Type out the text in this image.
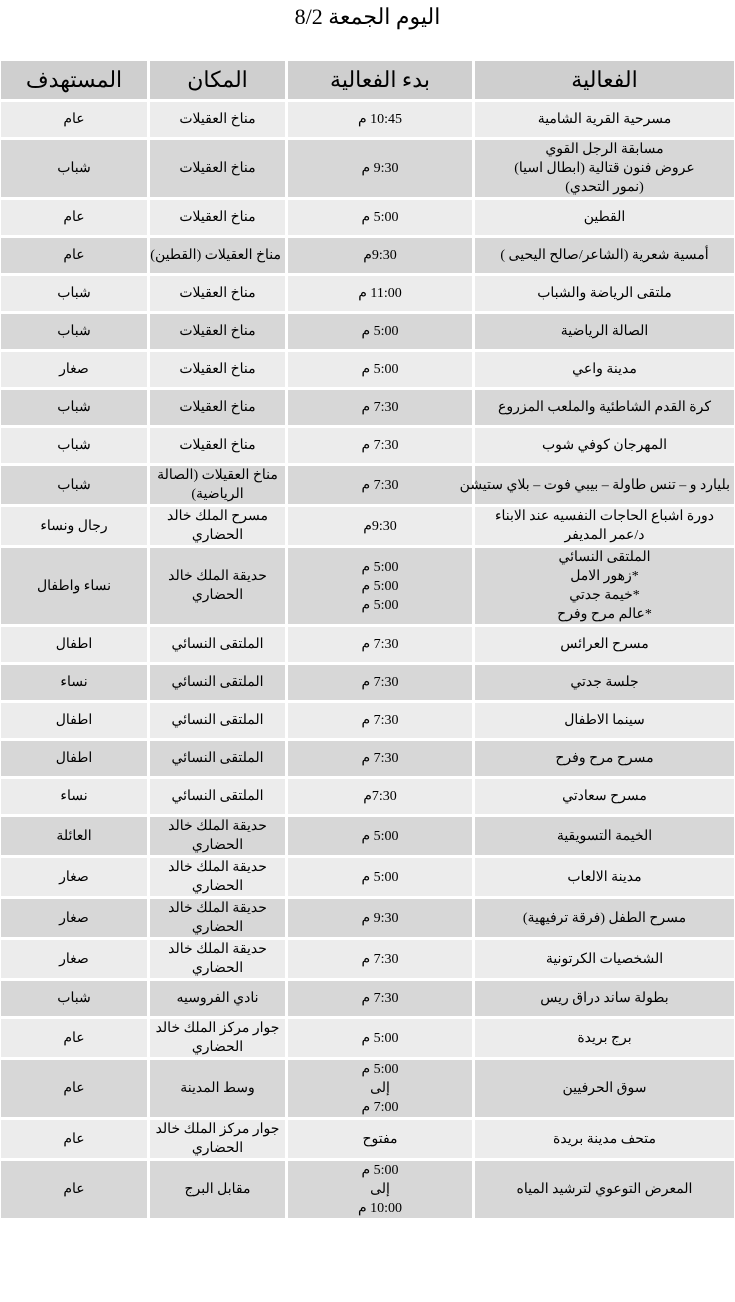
اليوم الجمعة 8/2
الفعالية	بدء الفعالية	المكان	المستهدف

مسرحية القرية الشامية	10:45 م	مناخ العقيلات	عام

مسابقة الرجل القوي
عروض فنون قتالية (ابطال اسيا)
(نمور التحدي)	9:30 م	مناخ العقيلات	شباب

القطين	5:00 م	مناخ العقيلات	عام

أمسية شعرية (الشاعر/صالح اليحيى )	9:30م	مناخ العقيلات (القطين)	عام

ملتقى الرياضة والشباب	11:00 م	مناخ العقيلات	شباب

الصالة الرياضية	5:00 م	مناخ العقيلات	شباب

مدينة واعي	5:00 م	مناخ العقيلات	صغار

كرة القدم الشاطئية والملعب المزروع	7:30 م	مناخ العقيلات	شباب

المهرجان كوفي شوب	7:30 م	مناخ العقيلات	شباب

بليارد و – تنس طاولة – بيبي فوت – بلاي ستيشن	7:30 م	مناخ العقيلات (الصالة
الرياضية)	شباب

دورة اشباع الحاجات النفسيه عند الابناء
د/عمر المديفر	9:30م	مسرح الملك خالد
الحضاري	رجال ونساء

الملتقى النسائي
*زهور الامل
*خيمة جدتي
*عالم مرح وفرح	5:00 م
5:00 م
5:00 م	حديقة الملك خالد
الحضاري	نساء واطفال

مسرح العرائس	7:30 م	الملتقى النسائي	اطفال

جلسة جدتي	7:30 م	الملتقى النسائي	نساء

سينما الاطفال	7:30 م	الملتقى النسائي	اطفال

مسرح مرح وفرح	7:30 م	الملتقى النسائي	اطفال

مسرح سعادتي	7:30م	الملتقى النسائي	نساء

الخيمة التسويقية	5:00 م	حديقة الملك خالد
الحضاري	العائلة

مدينة الالعاب	5:00 م	حديقة الملك خالد
الحضاري	صغار

مسرح الطفل (فرقة ترفيهية)	9:30 م	حديقة الملك خالد
الحضاري	صغار

الشخصيات الكرتونية	7:30 م	حديقة الملك خالد
الحضاري	صغار

بطولة ساند دراق ريس	7:30 م	نادي الفروسيه	شباب

برج بريدة	5:00 م	جوار مركز الملك خالد
الحضاري	عام

سوق الحرفيين	5:00 م
إلى
7:00 م	وسط المدينة	عام

متحف مدينة بريدة	مفتوح	جوار مركز الملك خالد
الحضاري	عام

المعرض التوعوي لترشيد المياه	5:00 م
إلى
10:00 م	مقابل البرج	عام
